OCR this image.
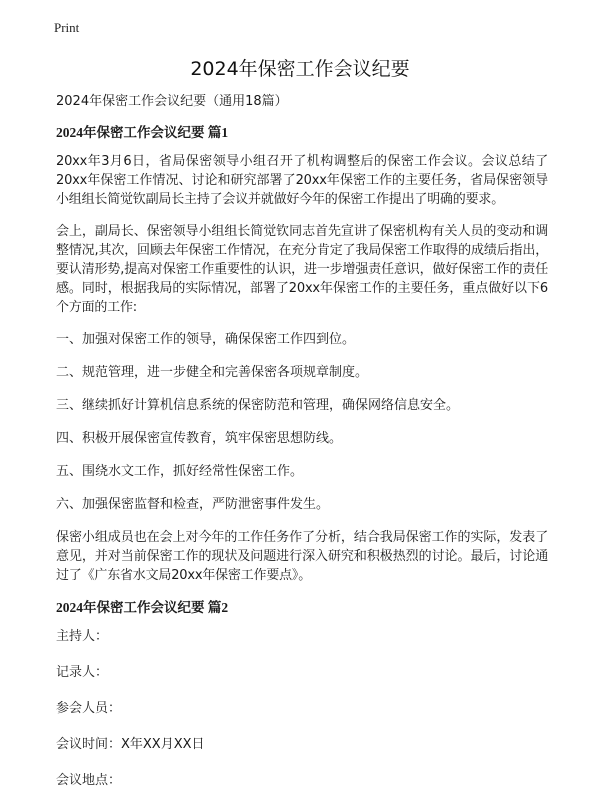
Print
2024年保密工作会议纪要

2024年保密工作会议纪要（通用18篇）

2024年保密工作会议纪要 篇1

20xx年3月6日，省局保密领导小组召开了机构调整后的保密工作会议。会议总结了20xx年保密工作情况、讨论和研究部署了20xx年保密工作的主要任务，省局保密领导小组组长简觉钦副局长主持了会议并就做好今年的保密工作提出了明确的要求。

会上，副局长、保密领导小组组长简觉钦同志首先宣讲了保密机构有关人员的变动和调整情况,其次，回顾去年保密工作情况，在充分肯定了我局保密工作取得的成绩后指出，要认清形势,提高对保密工作重要性的认识，进一步增强责任意识，做好保密工作的责任感。同时，根据我局的实际情况，部署了20xx年保密工作的主要任务，重点做好以下6个方面的工作:

一、加强对保密工作的领导，确保保密工作四到位。

二、规范管理，进一步健全和完善保密各项规章制度。

三、继续抓好计算机信息系统的保密防范和管理，确保网络信息安全。

四、积极开展保密宣传教育，筑牢保密思想防线。

五、围绕水文工作，抓好经常性保密工作。

六、加强保密监督和检查，严防泄密事件发生。

保密小组成员也在会上对今年的工作任务作了分析，结合我局保密工作的实际，发表了意见，并对当前保密工作的现状及问题进行深入研究和积极热烈的讨论。最后，讨论通过了《广东省水文局20xx年保密工作要点》。

2024年保密工作会议纪要 篇2

主持人：

记录人：

参会人员：

会议时间：X年XX月XX日

会议地点：
